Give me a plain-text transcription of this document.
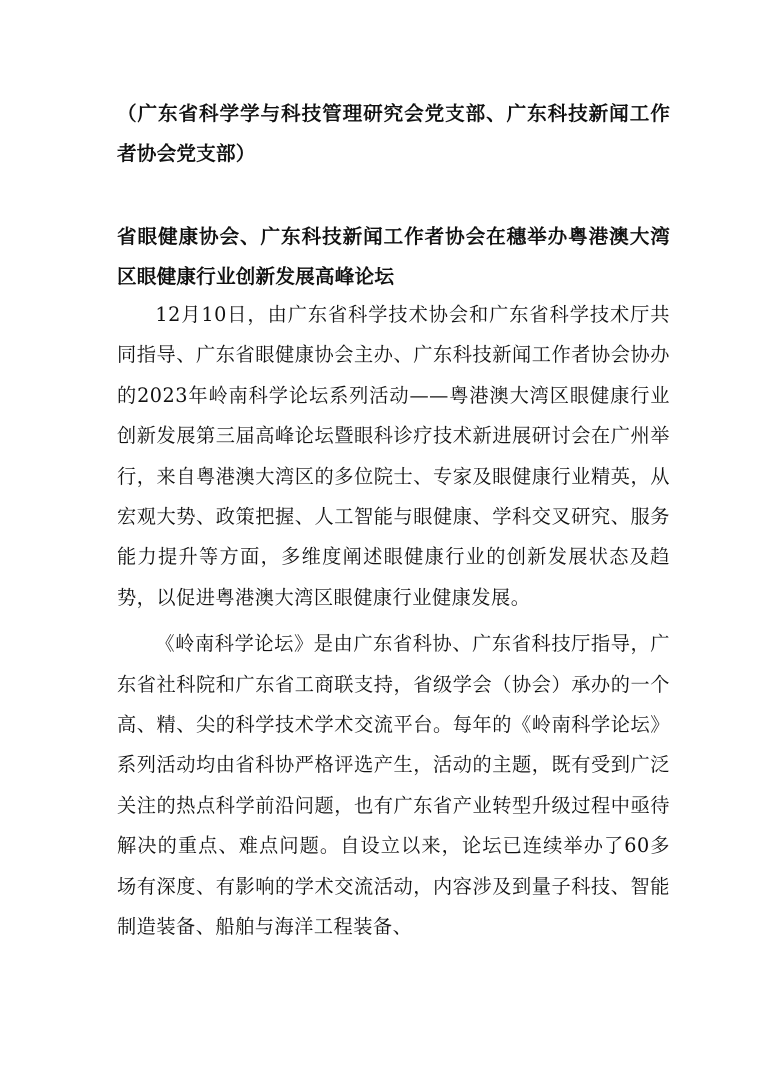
（广东省科学学与科技管理研究会党支部、广东科技新闻工作者协会党支部）

省眼健康协会、广东科技新闻工作者协会在穗举办粤港澳大湾区眼健康行业创新发展高峰论坛

12月10日，由广东省科学技术协会和广东省科学技术厅共同指导、广东省眼健康协会主办、广东科技新闻工作者协会协办的2023年岭南科学论坛系列活动——粤港澳大湾区眼健康行业创新发展第三届高峰论坛暨眼科诊疗技术新进展研讨会在广州举行，来自粤港澳大湾区的多位院士、专家及眼健康行业精英，从宏观大势、政策把握、人工智能与眼健康、学科交叉研究、服务能力提升等方面，多维度阐述眼健康行业的创新发展状态及趋势，以促进粤港澳大湾区眼健康行业健康发展。

《岭南科学论坛》是由广东省科协、广东省科技厅指导，广东省社科院和广东省工商联支持，省级学会（协会）承办的一个高、精、尖的科学技术学术交流平台。每年的《岭南科学论坛》系列活动均由省科协严格评选产生，活动的主题，既有受到广泛关注的热点科学前沿问题，也有广东省产业转型升级过程中亟待解决的重点、难点问题。自设立以来，论坛已连续举办了60多场有深度、有影响的学术交流活动，内容涉及到量子科技、智能制造装备、船舶与海洋工程装备、
